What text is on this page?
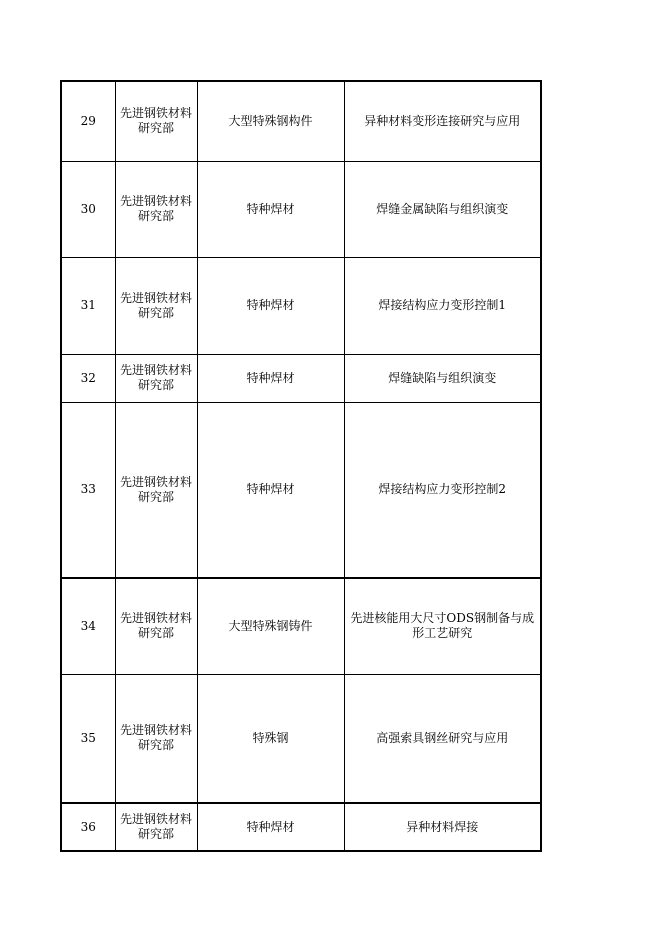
29	先进钢铁材料研究部	大型特殊钢构件	异种材料变形连接研究与应用
30	先进钢铁材料研究部	特种焊材	焊缝金属缺陷与组织演变
31	先进钢铁材料研究部	特种焊材	焊接结构应力变形控制1
32	先进钢铁材料研究部	特种焊材	焊缝缺陷与组织演变
33	先进钢铁材料研究部	特种焊材	焊接结构应力变形控制2
34	先进钢铁材料研究部	大型特殊钢铸件	先进核能用大尺寸ODS钢制备与成形工艺研究
35	先进钢铁材料研究部	特殊钢	高强索具钢丝研究与应用
36	先进钢铁材料研究部	特种焊材	异种材料焊接
